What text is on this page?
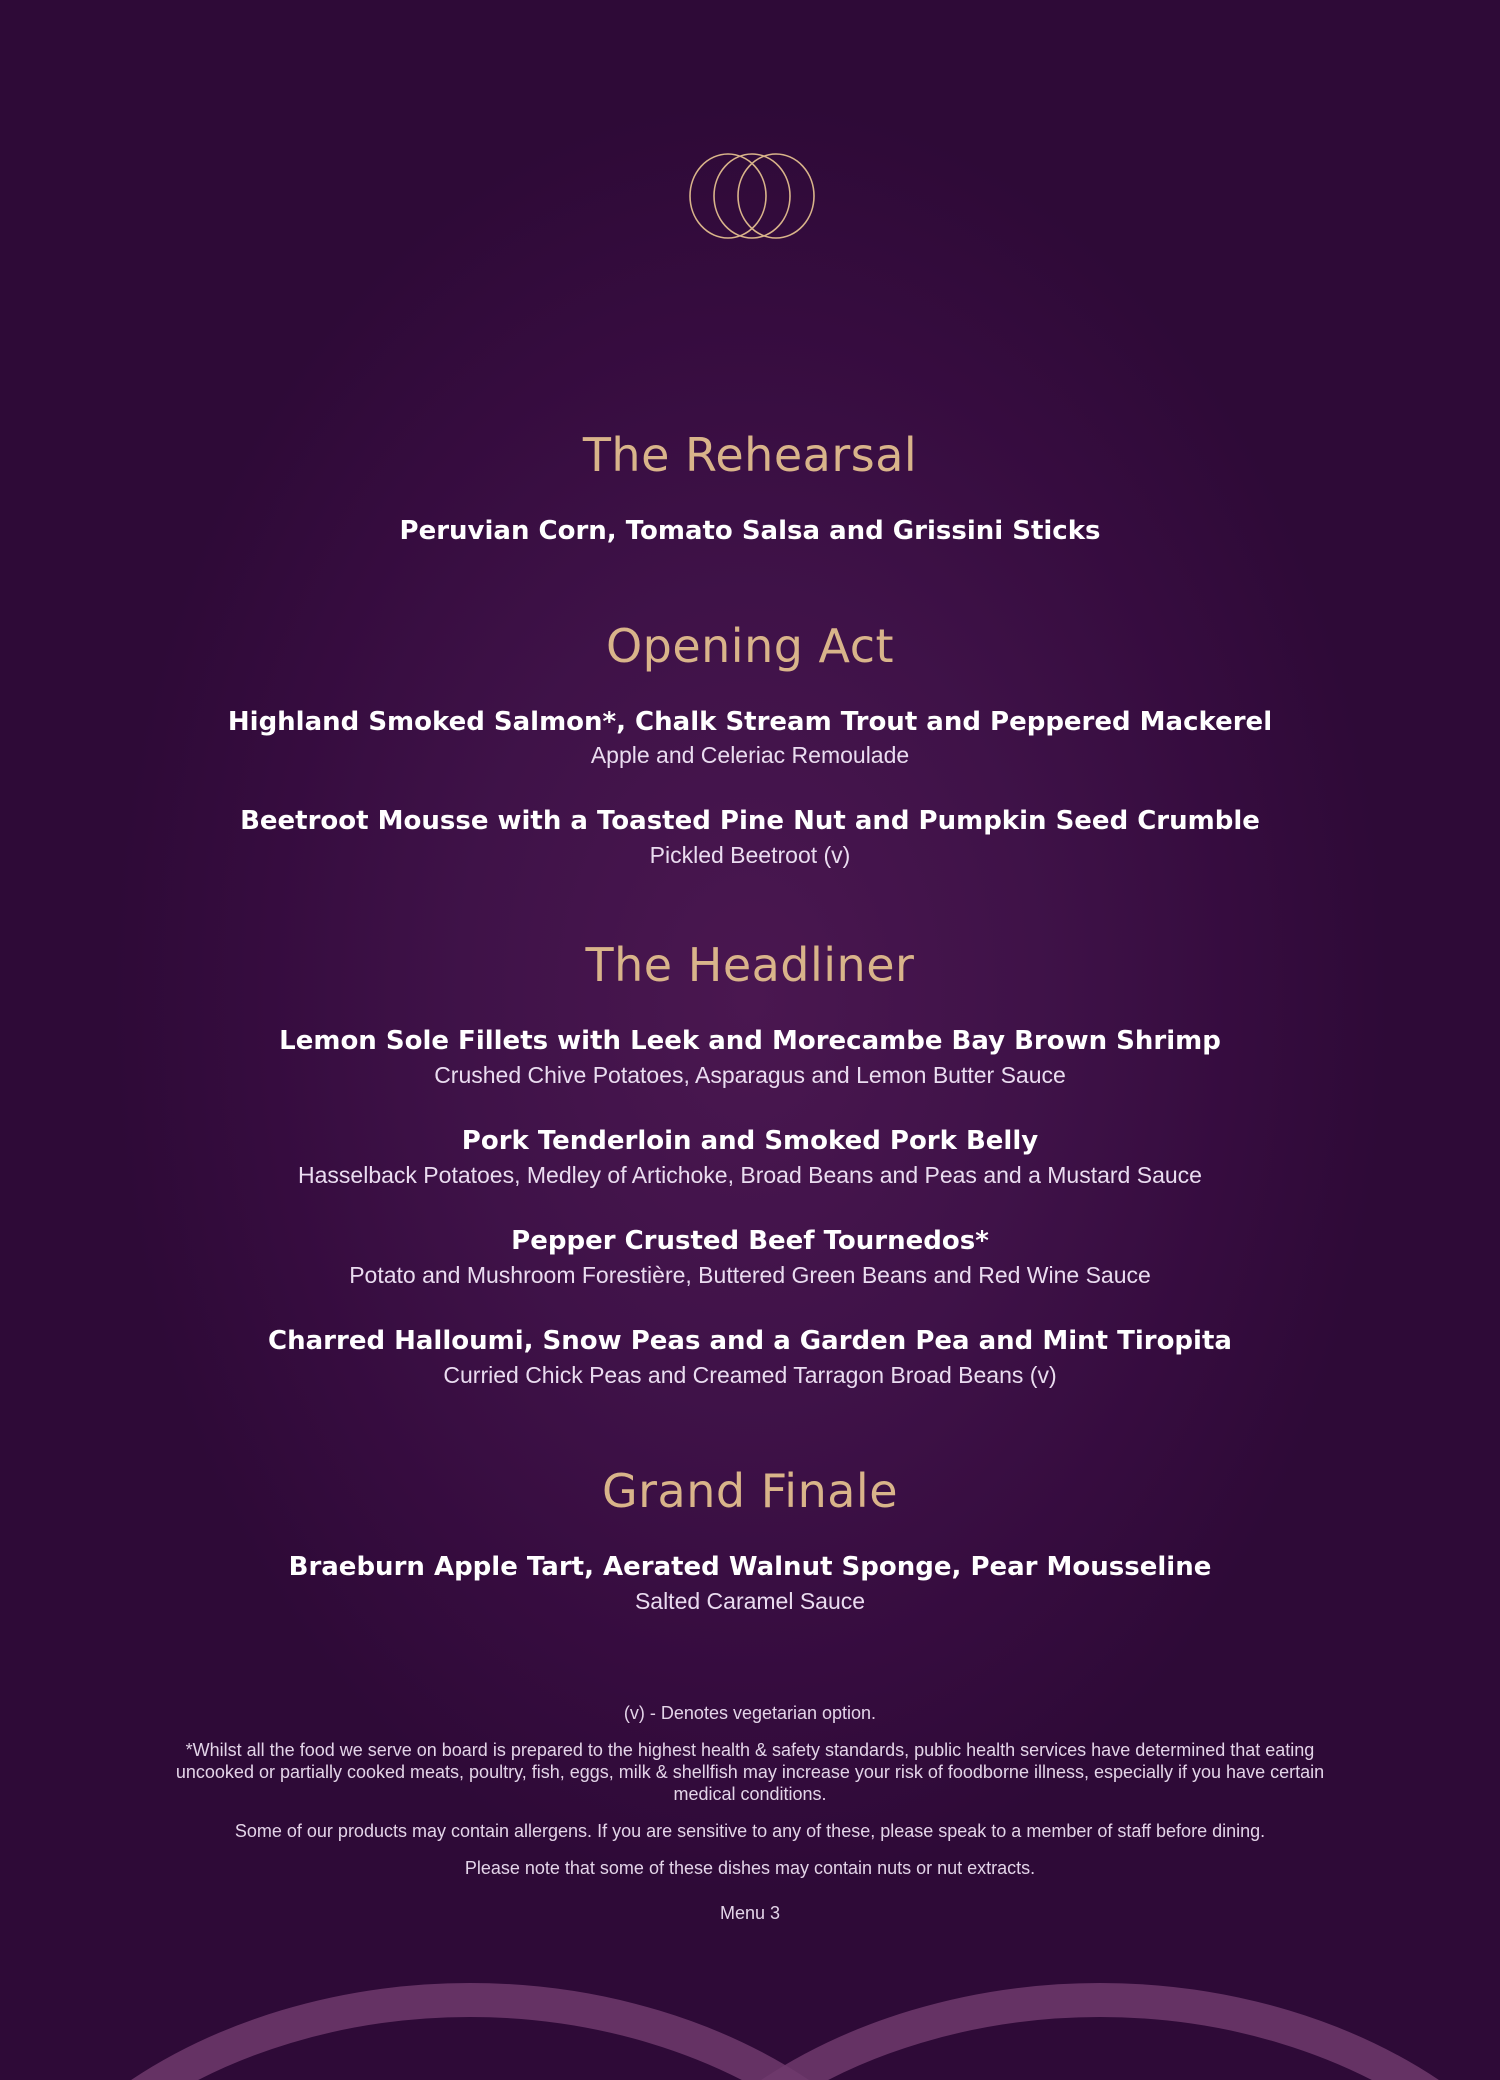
The Rehearsal
Peruvian Corn, Tomato Salsa and Grissini Sticks
Opening Act
Highland Smoked Salmon*, Chalk Stream Trout and Peppered Mackerel
Apple and Celeriac Remoulade
Beetroot Mousse with a Toasted Pine Nut and Pumpkin Seed Crumble
Pickled Beetroot (v)
The Headliner
Lemon Sole Fillets with Leek and Morecambe Bay Brown Shrimp
Crushed Chive Potatoes, Asparagus and Lemon Butter Sauce
Pork Tenderloin and Smoked Pork Belly
Hasselback Potatoes, Medley of Artichoke, Broad Beans and Peas and a Mustard Sauce
Pepper Crusted Beef Tournedos*
Potato and Mushroom Forestière, Buttered Green Beans and Red Wine Sauce
Charred Halloumi, Snow Peas and a Garden Pea and Mint Tiropita
Curried Chick Peas and Creamed Tarragon Broad Beans (v)
Grand Finale
Braeburn Apple Tart, Aerated Walnut Sponge, Pear Mousseline
Salted Caramel Sauce
(v) - Denotes vegetarian option.
*Whilst all the food we serve on board is prepared to the highest health & safety standards, public health services have determined that eating uncooked or partially cooked meats, poultry, fish, eggs, milk & shellfish may increase your risk of foodborne illness, especially if you have certain medical conditions.
Some of our products may contain allergens. If you are sensitive to any of these, please speak to a member of staff before dining.
Please note that some of these dishes may contain nuts or nut extracts.
Menu 3
